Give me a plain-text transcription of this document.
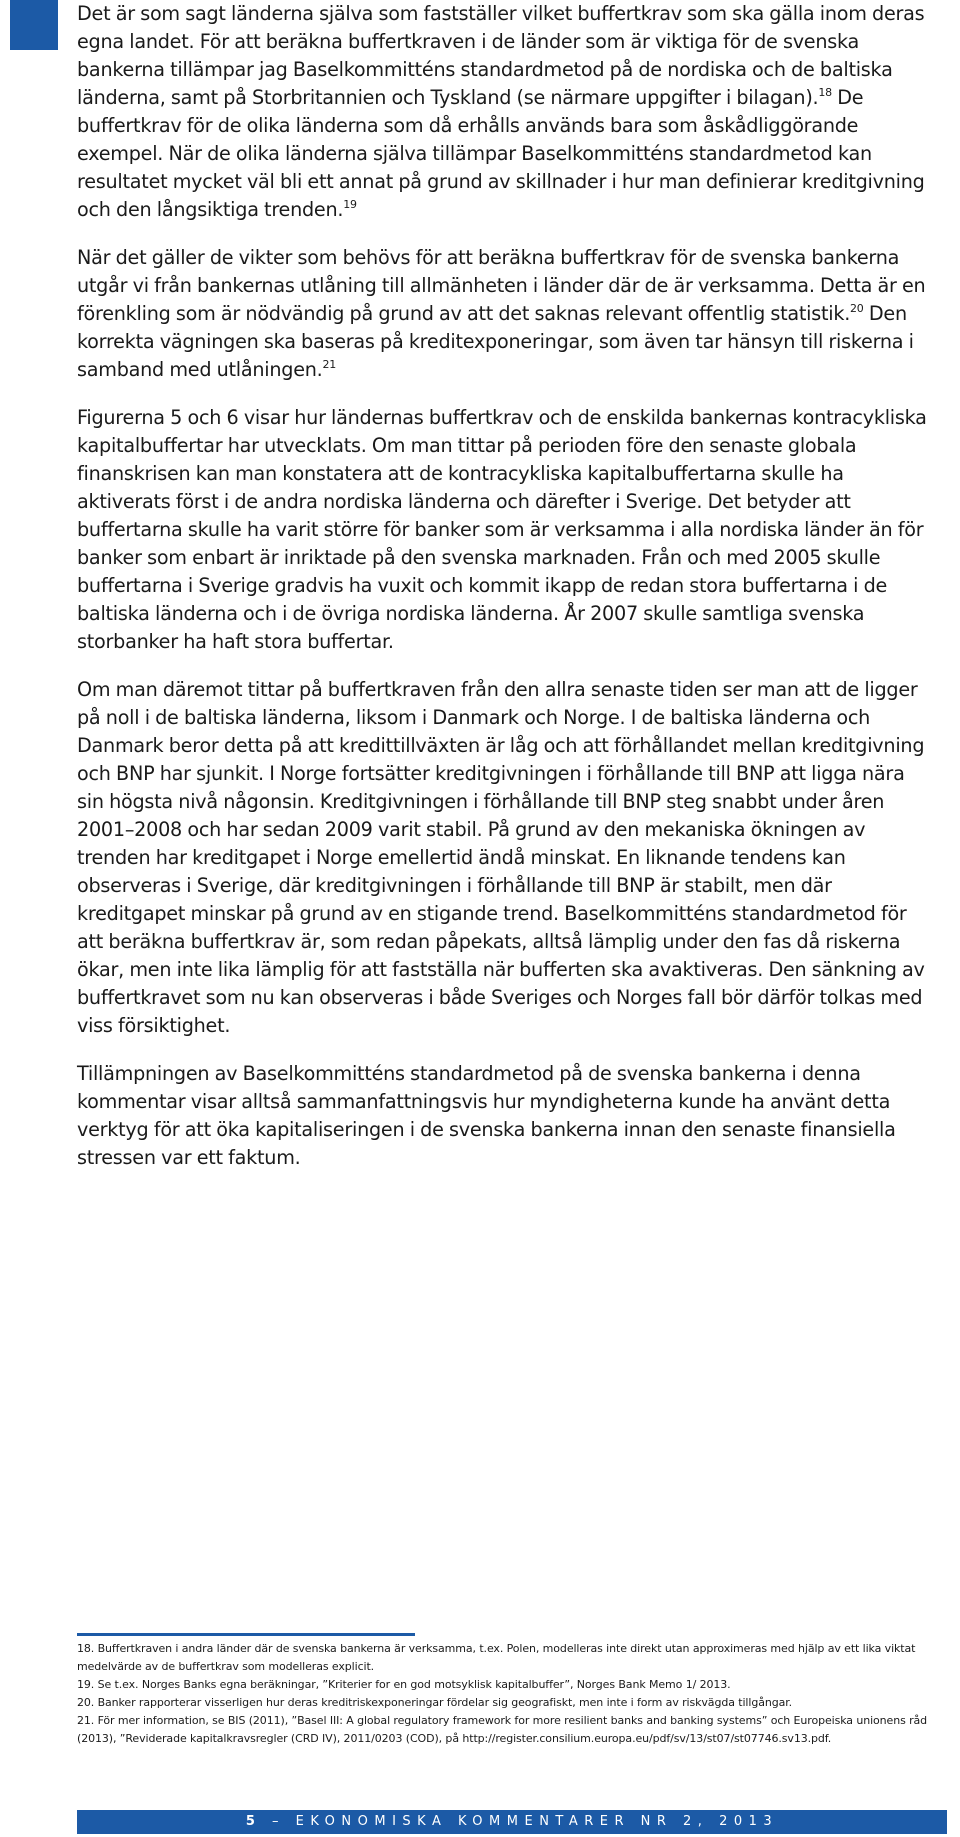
Det är som sagt länderna själva som fastställer vilket buffertkrav som ska gälla inom deras egna landet. För att beräkna buffertkraven i de länder som är viktiga för de svenska bankerna tillämpar jag Baselkommitténs standardmetod på de nordiska och de baltiska länderna, samt på Storbritannien och Tyskland (se närmare uppgifter i bilagan).$^{18}$ De buffertkrav för de olika länderna som då erhålls används bara som åskådliggörande exempel. När de olika länderna själva tillämpar Baselkommitténs standardmetod kan resultatet mycket väl bli ett annat på grund av skillnader i hur man definierar kreditgivning och den långsiktiga trenden.$^{19}$

När det gäller de vikter som behövs för att beräkna buffertkrav för de svenska bankerna utgår vi från bankernas utlåning till allmänheten i länder där de är verksamma. Detta är en förenkling som är nödvändig på grund av att det saknas relevant offentlig statistik.$^{20}$ Den korrekta vägningen ska baseras på kreditexponeringar, som även tar hänsyn till riskerna i samband med utlåningen.$^{21}$

Figurerna 5 och 6 visar hur ländernas buffertkrav och de enskilda bankernas kontracykliska kapitalbuffertar har utvecklats. Om man tittar på perioden före den senaste globala finanskrisen kan man konstatera att de kontracykliska kapitalbuffertarna skulle ha aktiverats först i de andra nordiska länderna och därefter i Sverige. Det betyder att buffertarna skulle ha varit större för banker som är verksamma i alla nordiska länder än för banker som enbart är inriktade på den svenska marknaden. Från och med 2005 skulle buffertarna i Sverige gradvis ha vuxit och kommit ikapp de redan stora buffertarna i de baltiska länderna och i de övriga nordiska länderna. År 2007 skulle samtliga svenska storbanker ha haft stora buffertar.

Om man däremot tittar på buffertkraven från den allra senaste tiden ser man att de ligger på noll i de baltiska länderna, liksom i Danmark och Norge. I de baltiska länderna och Danmark beror detta på att kredittillväxten är låg och att förhållandet mellan kreditgivning och BNP har sjunkit. I Norge fortsätter kreditgivningen i förhållande till BNP att ligga nära sin högsta nivå någonsin. Kreditgivningen i förhållande till BNP steg snabbt under åren 2001–2008 och har sedan 2009 varit stabil. På grund av den mekaniska ökningen av trenden har kreditgapet i Norge emellertid ändå minskat. En liknande tendens kan observeras i Sverige, där kreditgivningen i förhållande till BNP är stabilt, men där kreditgapet minskar på grund av en stigande trend. Baselkommitténs standardmetod för att beräkna buffertkrav är, som redan påpekats, alltså lämplig under den fas då riskerna ökar, men inte lika lämplig för att fastställa när bufferten ska avaktiveras. Den sänkning av buffertkravet som nu kan observeras i både Sveriges och Norges fall bör därför tolkas med viss försiktighet.

Tillämpningen av Baselkommitténs standardmetod på de svenska bankerna i denna kommentar visar alltså sammanfattningsvis hur myndigheterna kunde ha använt detta verktyg för att öka kapitaliseringen i de svenska bankerna innan den senaste finansiella stressen var ett faktum.

18. Buffertkraven i andra länder där de svenska bankerna är verksamma, t.ex. Polen, modelleras inte direkt utan approximeras med hjälp av ett lika viktat medelvärde av de buffertkrav som modelleras explicit.

19. Se t.ex. Norges Banks egna beräkningar, ”Kriterier for en god motsyklisk kapitalbuffer”, Norges Bank Memo 1/ 2013.

20. Banker rapporterar visserligen hur deras kreditriskexponeringar fördelar sig geografiskt, men inte i form av riskvägda tillgångar.

21. För mer information, se BIS (2011), ”Basel III: A global regulatory framework for more resilient banks and banking systems” och Europeiska unionens råd (2013), ”Reviderade kapitalkravsregler (CRD IV), 2011/0203 (COD), på http://register.consilium.europa.eu/pdf/sv/13/st07/st07746.sv13.pdf.

5 – EKONOMISKA KOMMENTARER NR 2, 2013
